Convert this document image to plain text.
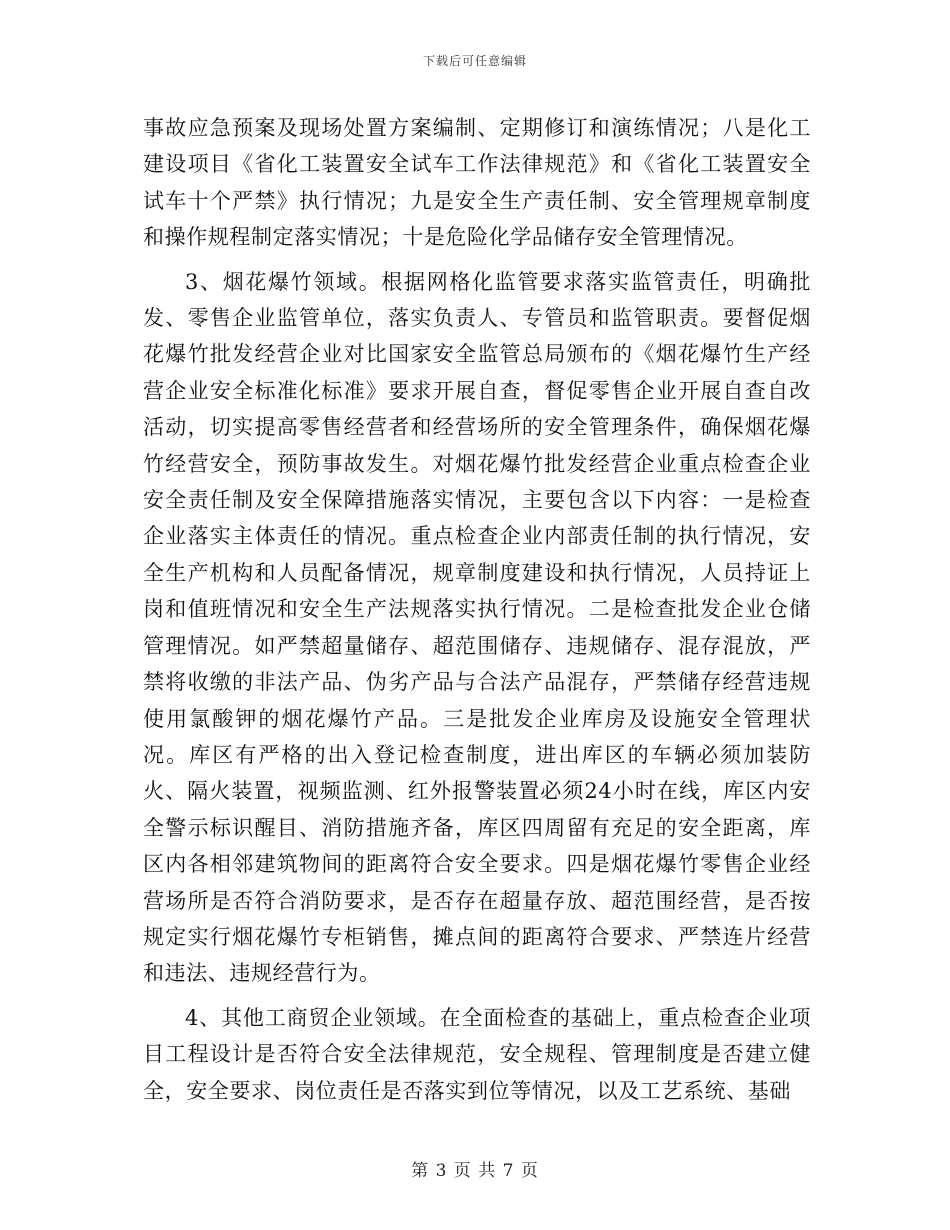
下载后可任意编辑

事故应急预案及现场处置方案编制、定期修订和演练情况；八是化工建设项目《省化工装置安全试车工作法律规范》和《省化工装置安全试车十个严禁》执行情况；九是安全生产责任制、安全管理规章制度和操作规程制定落实情况；十是危险化学品储存安全管理情况。

3、烟花爆竹领域。根据网格化监管要求落实监管责任，明确批发、零售企业监管单位，落实负责人、专管员和监管职责。要督促烟花爆竹批发经营企业对比国家安全监管总局颁布的《烟花爆竹生产经营企业安全标准化标准》要求开展自查，督促零售企业开展自查自改活动，切实提高零售经营者和经营场所的安全管理条件，确保烟花爆竹经营安全，预防事故发生。对烟花爆竹批发经营企业重点检查企业安全责任制及安全保障措施落实情况，主要包含以下内容：一是检查企业落实主体责任的情况。重点检查企业内部责任制的执行情况，安全生产机构和人员配备情况，规章制度建设和执行情况，人员持证上岗和值班情况和安全生产法规落实执行情况。二是检查批发企业仓储管理情况。如严禁超量储存、超范围储存、违规储存、混存混放，严禁将收缴的非法产品、伪劣产品与合法产品混存，严禁储存经营违规使用氯酸钾的烟花爆竹产品。三是批发企业库房及设施安全管理状况。库区有严格的出入登记检查制度，进出库区的车辆必须加装防火、隔火装置，视频监测、红外报警装置必须24小时在线，库区内安全警示标识醒目、消防措施齐备，库区四周留有充足的安全距离，库区内各相邻建筑物间的距离符合安全要求。四是烟花爆竹零售企业经营场所是否符合消防要求，是否存在超量存放、超范围经营，是否按规定实行烟花爆竹专柜销售，摊点间的距离符合要求、严禁连片经营和违法、违规经营行为。

4、其他工商贸企业领域。在全面检查的基础上，重点检查企业项目工程设计是否符合安全法律规范，安全规程、管理制度是否建立健全，安全要求、岗位责任是否落实到位等情况，以及工艺系统、基础

第 3 页 共 7 页
